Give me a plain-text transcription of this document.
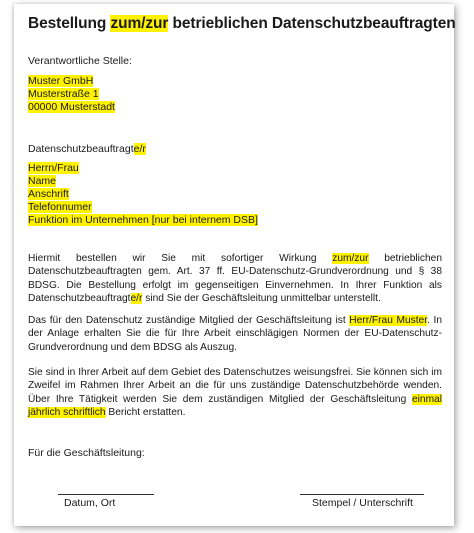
Bestellung zum/zur betrieblichen Datenschutzbeauftragten
Verantwortliche Stelle:
Muster GmbH
Musterstraße 1
00000 Musterstadt
Datenschutzbeauftragte/r
Herrn/Frau
Name
Anschrift
Telefonnumer
Funktion im Unternehmen [nur bei internem DSB]
Hiermit bestellen wir Sie mit sofortiger Wirkung zum/zur betrieblichen Datenschutzbeauftragten gem. Art. 37 ff. EU-Datenschutz-Grundverordnung und § 38 BDSG. Die Bestellung erfolgt im gegenseitigen Einvernehmen. In Ihrer Funktion als Datenschutzbeauftragte/r sind Sie der Geschäftsleitung unmittelbar unterstellt.
Das für den Datenschutz zuständige Mitglied der Geschäftsleitung ist Herr/Frau Muster. In der Anlage erhalten Sie die für Ihre Arbeit einschlägigen Normen der EU-Datenschutz-Grundverordnung und dem BDSG als Auszug.
Sie sind in Ihrer Arbeit auf dem Gebiet des Datenschutzes weisungsfrei. Sie können sich im Zweifel im Rahmen Ihrer Arbeit an die für uns zuständige Datenschutzbehörde wenden. Über Ihre Tätigkeit werden Sie dem zuständigen Mitglied der Geschäftsleitung einmal jährlich schriftlich Bericht erstatten.
Für die Geschäftsleitung:
Datum, Ort	Stempel / Unterschrift
